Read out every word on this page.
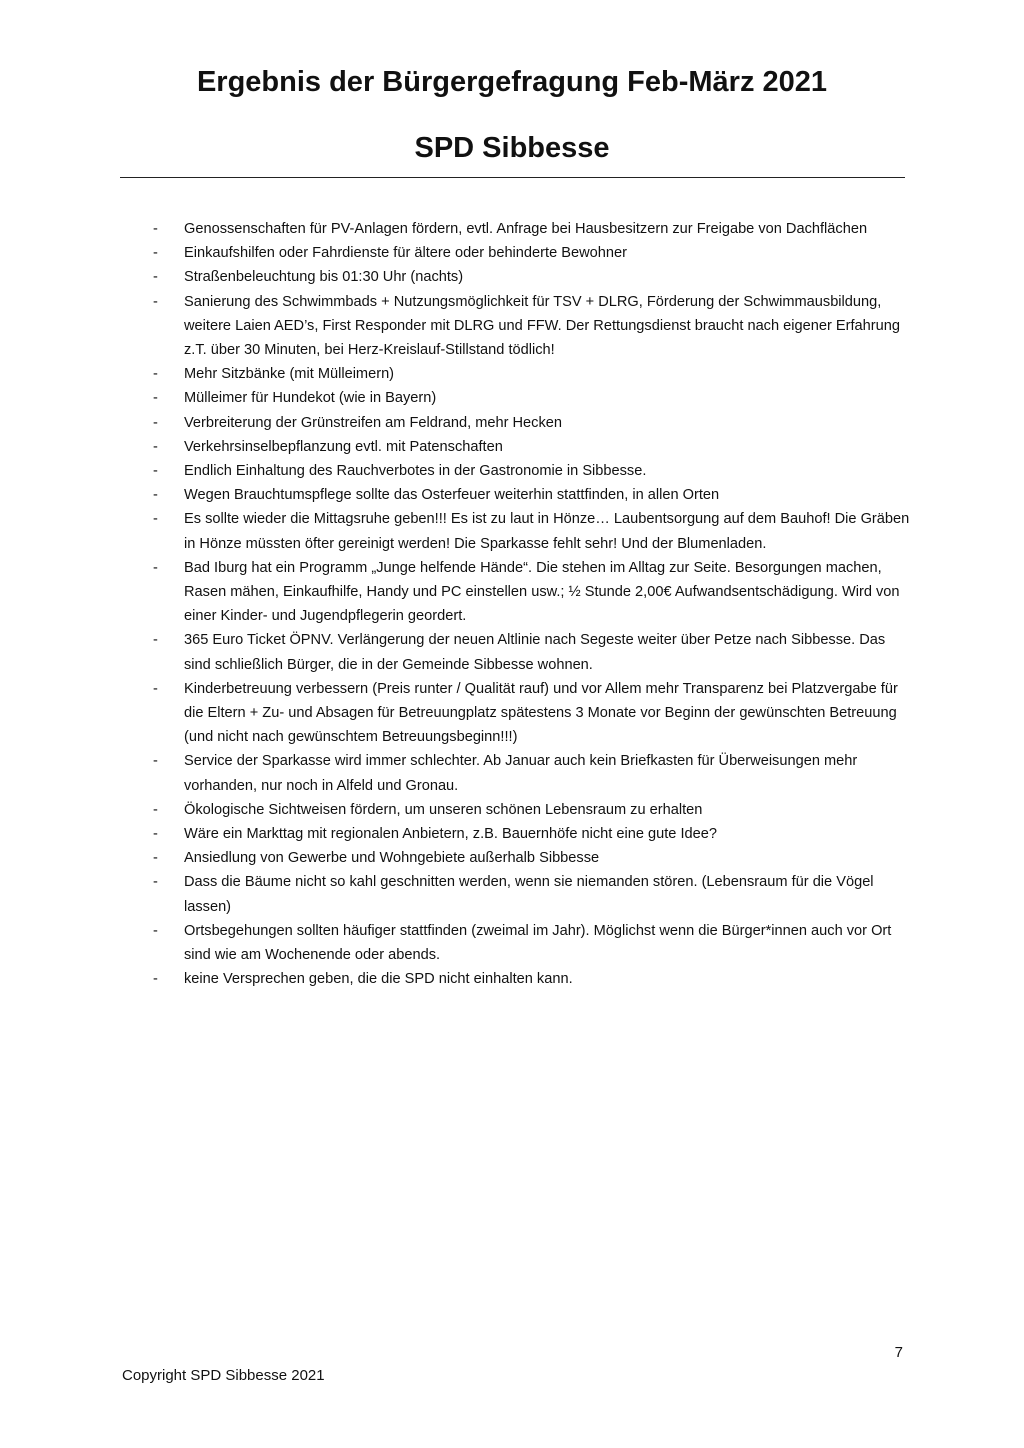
Ergebnis der Bürgergefragung Feb-März 2021
SPD Sibbesse
-	Genossenschaften für PV-Anlagen fördern, evtl. Anfrage bei Hausbesitzern zur Freigabe von Dachflächen
-	Einkaufshilfen oder Fahrdienste für ältere oder behinderte Bewohner
-	Straßenbeleuchtung bis 01:30 Uhr (nachts)
-	Sanierung des Schwimmbads + Nutzungsmöglichkeit für TSV + DLRG, Förderung der Schwimmausbildung, weitere Laien AED’s, First Responder mit DLRG und FFW. Der Rettungsdienst braucht nach eigener Erfahrung z.T. über 30 Minuten, bei Herz-Kreislauf-Stillstand tödlich!
-	Mehr Sitzbänke (mit Mülleimern)
-	Mülleimer für Hundekot (wie in Bayern)
-	Verbreiterung der Grünstreifen am Feldrand, mehr Hecken
-	Verkehrsinselbepflanzung evtl. mit Patenschaften
-	Endlich Einhaltung des Rauchverbotes in der Gastronomie in Sibbesse.
-	Wegen Brauchtumspflege sollte das Osterfeuer weiterhin stattfinden, in allen Orten
-	Es sollte wieder die Mittagsruhe geben!!! Es ist zu laut in Hönze… Laubentsorgung auf dem Bauhof! Die Gräben in Hönze müssten öfter gereinigt werden! Die Sparkasse fehlt sehr! Und der Blumenladen.
-	Bad Iburg hat ein Programm „Junge helfende Hände“. Die stehen im Alltag zur Seite. Besorgungen machen, Rasen mähen, Einkaufhilfe, Handy und PC einstellen usw.; ½ Stunde 2,00€ Aufwandsentschädigung. Wird von einer Kinder- und Jugendpflegerin geordert.
-	365 Euro Ticket ÖPNV. Verlängerung der neuen Altlinie nach Segeste weiter über Petze nach Sibbesse. Das sind schließlich Bürger, die in der Gemeinde Sibbesse wohnen.
-	Kinderbetreuung verbessern (Preis runter / Qualität rauf) und vor Allem mehr Transparenz bei Platzvergabe für die Eltern + Zu- und Absagen für Betreuungplatz spätestens 3 Monate vor Beginn der gewünschten Betreuung (und nicht nach gewünschtem Betreuungsbeginn!!!)
-	Service der Sparkasse wird immer schlechter. Ab Januar auch kein Briefkasten für Überweisungen mehr vorhanden, nur noch in Alfeld und Gronau.
-	Ökologische Sichtweisen fördern, um unseren schönen Lebensraum zu erhalten
-	Wäre ein Markttag mit regionalen Anbietern, z.B. Bauernhöfe nicht eine gute Idee?
-	Ansiedlung von Gewerbe und Wohngebiete außerhalb Sibbesse
-	Dass die Bäume nicht so kahl geschnitten werden, wenn sie niemanden stören. (Lebensraum für die Vögel lassen)
-	Ortsbegehungen sollten häufiger stattfinden (zweimal im Jahr). Möglichst wenn die Bürger*innen auch vor Ort sind wie am Wochenende oder abends.
-	keine Versprechen geben, die die SPD nicht einhalten kann.
7
Copyright SPD Sibbesse 2021
